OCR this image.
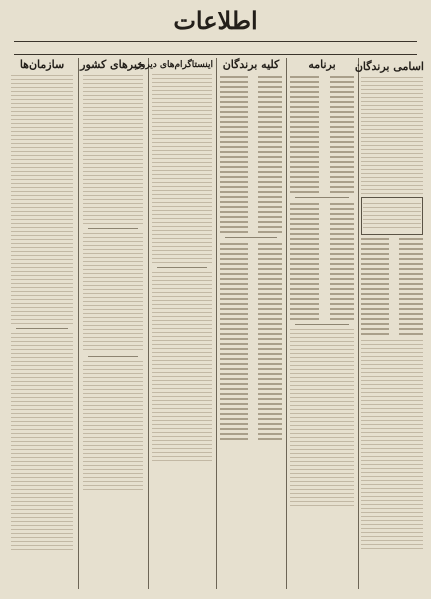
اطلاعات
اسامی برندگان
برنامه
کلیه برندگان
اینستاگرام‌های دیروز
خبرهای کشور
سازمان‌ها
